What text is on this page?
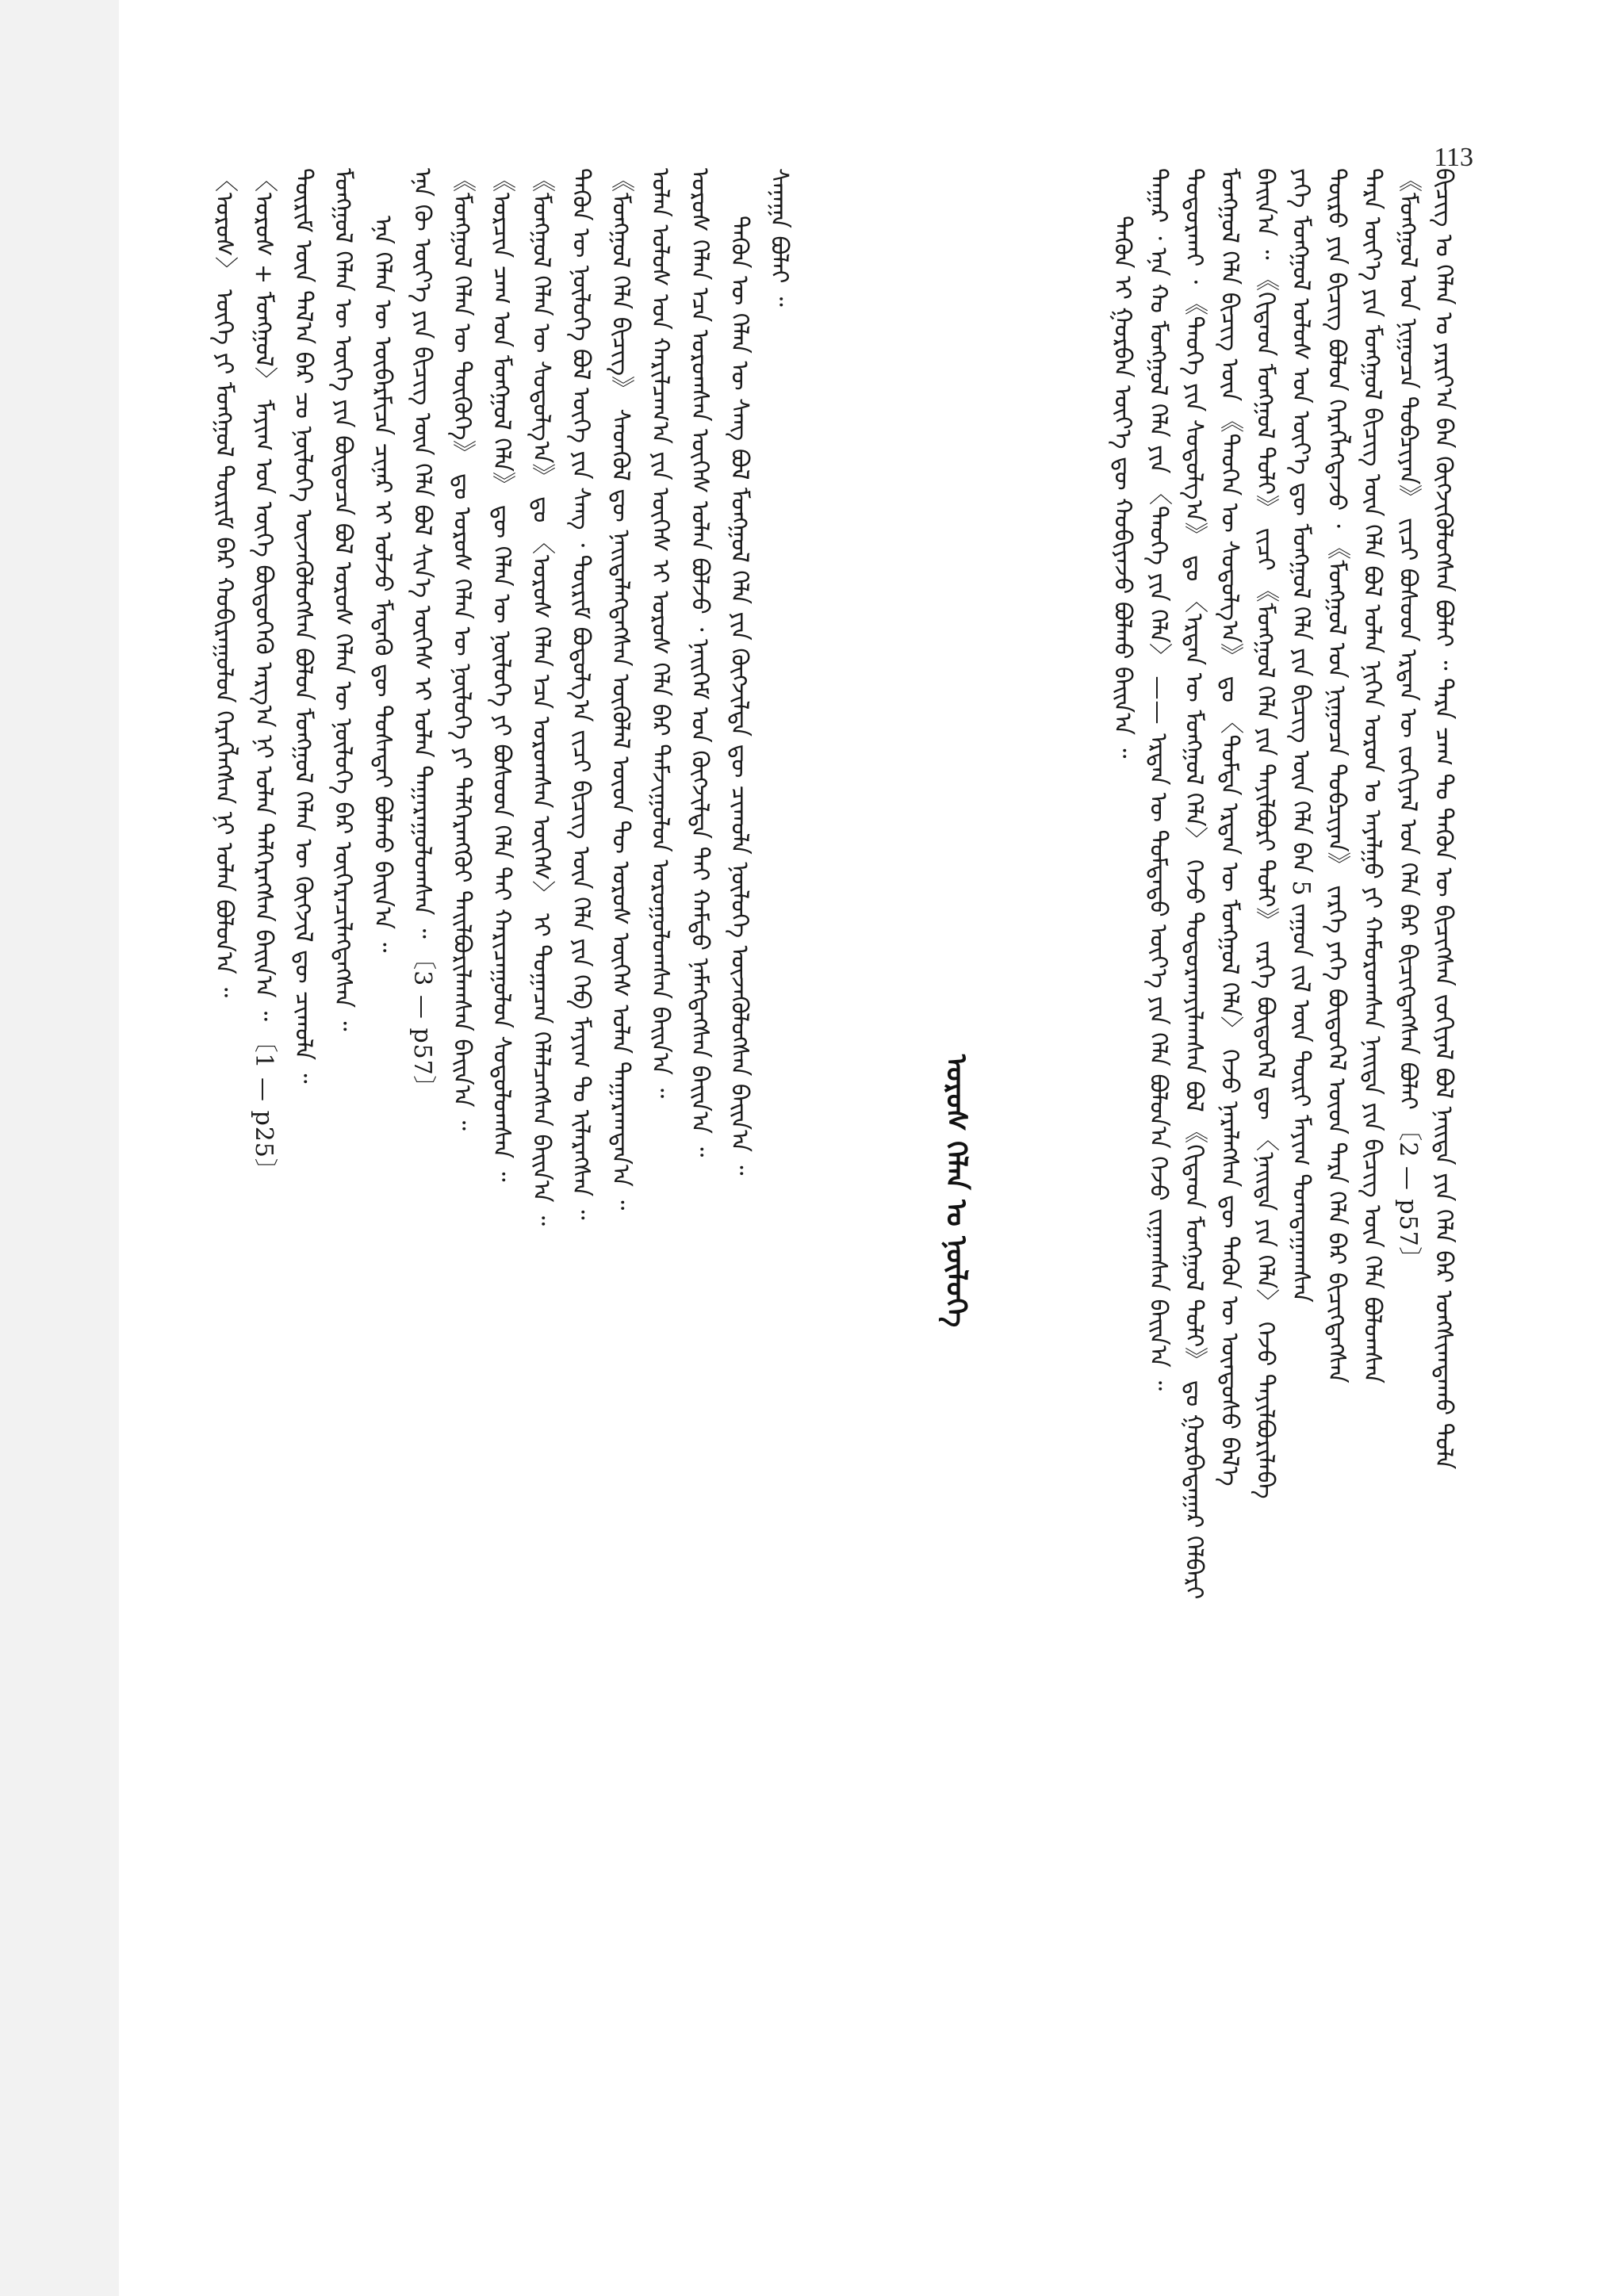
113
ᠪᠢᠴᠢᠭ ᠤ ᠬᠡᠯᠡᠨ ᠤ ᠶᠠᠷᠢᠶ᠎ᠠ ᠪᠠᠨ ᠬᠥᠭᠵᠢᠭᠦᠯᠦᠭᠰᠡᠨ ᠪᠣᠯᠠᠢ ᠃ ᠲᠡᠷᠡ ᠴᠠᠭ ᠲᠤ ᠲᠡᠭᠦᠨ ᠦ ᠪᠢᠴᠢᠭᠰᠡᠨ ᠵᠣᠬᠢᠶᠠᠯ ᠪᠣᠯ ᠨᠡᠢᠲᠡ ᠶᠢᠨ ᠬᠡᠯᠡ ᠪᠠᠷ ᠤᠩᠰᠢᠭᠳᠠᠬᠤ ᠲᠤᠯᠠ
《ᠮᠣᠩᠭᠣᠯ ᠤᠨ ᠨᠢᠭᠤᠴᠠ ᠲᠣᠪᠴᠢᠶᠠᠨ》 ᠵᠢᠴᠢ ᠪᠤᠰᠤᠳ ᠡᠷᠲᠡᠨ ᠦ ᠵᠣᠬᠢᠶᠠᠯ ᠤᠨ ᠬᠡᠯᠡ ᠪᠡᠷ ᠪᠢᠴᠢᠭᠳᠡᠭᠰᠡᠨ ᠪᠣᠯᠠᠢ 〔2 — p57〕
ᠲᠡᠷᠡ ᠦᠶ᠎ᠡ ᠶᠢᠨ ᠮᠣᠩᠭᠣᠯ ᠪᠢᠴᠢᠭ ᠦᠨ ᠬᠡᠯᠡ ᠪᠣᠯ ᠣᠯᠠᠨ ᠨᠢᠭᠡᠨ ᠣᠷᠣᠨ ᠤ ᠠᠶᠠᠯᠭᠤ ᠶᠢ ᠬᠠᠮᠤᠷᠤᠭᠰᠠᠨ ᠨᠡᠢᠲᠡ ᠶᠢᠨ ᠪᠢᠴᠢᠭ ᠦᠨ ᠬᠡᠯᠡ ᠪᠣᠯᠤᠭᠰᠠᠨ
ᠲᠥᠷᠦ ᠶᠢᠨ ᠪᠢᠴᠢᠭ ᠪᠣᠯᠣᠨ ᠬᠡᠷᠡᠭᠯᠡᠭᠳᠡᠵᠦ ᠂ 《ᠮᠣᠩᠭᠣᠯ ᠤᠨ ᠨᠢᠭᠤᠴᠠ ᠲᠣᠪᠴᠢᠶᠠᠨ》 ᠵᠡᠷᠭᠡ ᠶᠡᠬᠡ ᠪᠦᠲᠦᠭᠡᠯ ᠦᠳ ᠲᠡᠷᠡ ᠬᠡᠯᠡ ᠪᠡᠷ ᠪᠢᠴᠢᠭᠳᠡᠭᠰᠡᠨ
ᠶᠡᠬᠡ ᠮᠣᠩᠭᠣᠯ ᠤᠯᠤᠰ ᠤᠨ ᠦᠶ᠎ᠡ ᠳᠦ ᠮᠣᠩᠭᠣᠯ ᠬᠡᠯᠡ ᠶᠢᠨ ᠪᠢᠴᠢᠭ ᠦᠨ ᠬᠡᠯᠡ ᠪᠠᠨ 5 ᠵᠠᠭᠤᠨ ᠵᠢᠯ ᠦᠨ ᠳᠦᠷᠢ ᠮᠠᠶᠢᠭ ᠲᠣᠭᠲᠠᠭᠠᠭᠰᠠᠨ
ᠪᠠᠢᠨ᠎ᠠ ᠃ 《ᠬᠢᠲᠠᠳ ᠮᠣᠩᠭᠣᠯ ᠲᠣᠯᠢ》 ᠵᠢᠴᠢ 《ᠮᠣᠩᠭᠣᠯ ᠬᠡᠯᠡ ᠶᠢᠨ ᠲᠠᠶᠢᠯᠪᠣᠷᠢ ᠲᠣᠯᠢ》 ᠵᠡᠷᠭᠡ ᠪᠦᠲᠦᠭᠡᠯ ᠳᠦ 〈ᠨᠡᠢᠲᠡ ᠶᠢᠨ ᠬᠡᠯᠡ〉 ᠭᠡᠵᠦ ᠲᠠᠶᠢᠯᠪᠣᠷᠢᠯᠠᠪᠠ
ᠮᠣᠩᠭᠣᠯ ᠬᠡᠯᠡ ᠪᠢᠴᠢᠭ ᠦᠨ 《ᠲᠡᠦᠬᠡᠨ ᠦ ᠰᠤᠳᠤᠯᠭ᠎ᠠ》 ᠳᠤ 〈ᠳᠤᠮᠳᠠ ᠡᠷᠲᠡᠨ ᠦ ᠮᠣᠩᠭᠣᠯ ᠬᠡᠯᠡ〉 ᠭᠡᠵᠦ ᠨᠡᠷᠡᠯᠡᠭᠰᠡᠨ ᠳᠦ ᠲᠡᠭᠦᠨ ᠦ ᠦᠨᠳᠦᠰᠦ ᠪᠡᠯ᠎ᠡ
ᠲᠣᠳᠣᠷᠬᠠᠶ ᠂ 《ᠲᠡᠦᠬᠡ ᠶᠢᠨ ᠰᠤᠳᠤᠯᠭ᠎ᠠ》 ᠳᠤ 〈ᠡᠷᠲᠡᠨ ᠦ ᠮᠣᠩᠭᠣᠯ ᠬᠡᠯᠡ〉 ᠭᠡᠵᠦ ᠲᠣᠳᠣᠷᠬᠠᠶᠢᠯᠠᠭᠰᠠᠨ ᠪᠣᠯ 《ᠬᠢᠲᠠᠳ ᠮᠣᠩᠭᠣᠯ ᠲᠣᠯᠢ》 ᠳᠤ ᠭᠤᠷᠪᠠᠳᠠᠭᠠᠷ ᠬᠡᠯᠪᠡᠷᠢ
ᠳᠠᠭᠠᠷ ᠂ ᠡᠨᠡ ᠬᠤ ᠮᠣᠩᠭᠣᠯ ᠬᠡᠯᠡ ᠶᠢᠨ 〈ᠲᠡᠦᠬᠡ ᠶᠢᠨ ᠬᠡᠯᠡ〉 —— ᠡᠷᠲᠡᠨ ᠦ ᠳᠤᠮᠳᠠᠳᠤ ᠦᠶ᠎ᠡ ᠶᠢᠨ ᠬᠡᠯᠡ ᠪᠣᠯᠤᠨ᠎ᠠ ᠭᠡᠵᠦ ᠵᠢᠭᠠᠭᠰᠠᠨ ᠪᠠᠢᠨ᠎ᠠ ᠃
ᠲᠡᠭᠦᠨ ᠢ ᠭᠤᠷᠪᠠᠨ ᠦᠶ᠎ᠡ ᠳᠦ ᠬᠤᠪᠢᠶᠠᠵᠤ ᠪᠣᠯᠬᠤ ᠪᠠᠢᠨ᠎ᠠ ᠃
ᠣᠷᠤᠰ ᠬᠡᠯᠡᠨ ᠤ ᠨᠥᠯᠦᠭᠡ
ᠰᠠᠨᠠᠭᠠ ᠪᠣᠯᠠᠢ ᠃
ᠲᠡᠭᠦᠨ ᠦ ᠬᠡᠯᠡᠨ ᠦ ᠰᠠᠩ ᠪᠣᠯ ᠮᠣᠩᠭᠣᠯ ᠬᠡᠯᠡ ᠶᠢᠨ ᠬᠥᠭᠵᠢᠯᠲᠡ ᠳᠦ ᠴᠢᠬᠤᠯᠠ ᠨᠥᠯᠦᠭᠡ ᠦᠵᠡᠭᠦᠯᠦᠭᠰᠡᠨ ᠪᠠᠢᠨ᠎ᠠ ᠃
ᠣᠷᠤᠰ ᠬᠡᠯᠡᠨ ᠡᠴᠡ ᠣᠷᠣᠭᠰᠠᠨ ᠦᠭᠡᠰ ᠣᠯᠠᠨ ᠪᠣᠯᠵᠤ ᠂ ᠨᠡᠢᠭᠡᠮ ᠤᠨ ᠬᠥᠭᠵᠢᠯᠲᠡ ᠲᠡᠢ ᠬᠠᠮᠲᠤ ᠨᠡᠮᠡᠭᠳᠡᠭᠰᠡᠨ ᠪᠠᠢᠨ᠎ᠠ ᠃
ᠣᠯᠠᠨ ᠤᠯᠤᠰ ᠤᠨ ᠬᠠᠷᠢᠯᠴᠠᠭ᠎ᠠ ᠶᠢᠨ ᠦᠭᠡᠰ ᠢ ᠣᠷᠤᠰ ᠬᠡᠯᠡ ᠪᠡᠷ ᠳᠠᠮᠵᠢᠭᠤᠯᠤᠨ ᠣᠷᠣᠭᠤᠯᠤᠭᠰᠠᠨ ᠪᠠᠢᠨ᠎ᠠ ᠃
《ᠮᠣᠩᠭᠣᠯ ᠬᠡᠯᠡ ᠪᠢᠴᠢᠭ》 ᠰᠡᠳᠬᠦᠯ ᠳᠦ ᠨᠡᠢᠲᠡᠯᠡᠭᠳᠡᠭᠰᠡᠨ ᠥᠭᠦᠯᠡᠯ ᠦᠳ ᠲᠦ ᠣᠷᠤᠰ ᠦᠭᠡᠰ ᠣᠯᠠᠨ ᠲᠠᠭᠠᠷᠠᠭᠳᠠᠨ᠎ᠠ ᠃
ᠲᠡᠭᠦᠨ ᠦ ᠨᠥᠯᠦᠭᠡ ᠪᠣᠯ ᠦᠭᠡ ᠶᠢᠨ ᠰᠠᠩ ᠂ ᠳᠦᠷᠢᠮ ᠪᠣᠳᠤᠯᠭ᠎ᠠ ᠵᠢᠴᠢ ᠪᠢᠴᠢᠭ ᠦᠨ ᠬᠡᠯᠡ ᠶᠢᠨ ᠬᠡᠪ ᠮᠠᠶᠢᠭ ᠲᠤ ᠢᠯᠡᠷᠡᠭᠰᠡᠨ ᠃
《ᠮᠣᠩᠭᠣᠯ ᠬᠡᠯᠡᠨ ᠦ ᠰᠤᠳᠤᠯᠭ᠎ᠠ》 ᠳᠤ 〈ᠣᠷᠤᠰ ᠬᠡᠯᠡᠨ ᠡᠴᠡ ᠣᠷᠣᠭᠰᠠᠨ ᠦᠭᠡᠰ〉 ᠢ ᠲᠣᠭᠠᠴᠠᠨ ᠬᠡᠯᠡᠯᠴᠡᠭᠰᠡᠨ ᠪᠠᠢᠨ᠎ᠠ ᠃
《ᠣᠷᠴᠢᠨ ᠴᠠᠭ ᠤᠨ ᠮᠣᠩᠭᠣᠯ ᠬᠡᠯᠡ》 ᠳᠦ ᠬᠡᠯᠡᠨ ᠦ ᠨᠥᠯᠦᠭᠡ ᠶᠢ ᠪᠤᠰᠤᠳ ᠬᠡᠯᠡ ᠲᠡᠢ ᠬᠠᠷᠢᠴᠠᠭᠤᠯᠤᠨ ᠰᠤᠳᠤᠯᠤᠭᠰᠠᠨ ᠃
《ᠮᠣᠩᠭᠣᠯ ᠬᠡᠯᠡᠨ ᠦ ᠲᠦᠭᠦᠬᠡ》 ᠳᠤ ᠣᠷᠤᠰ ᠬᠡᠯᠡᠨ ᠦ ᠨᠥᠯᠦᠭᠡ ᠶᠢ ᠳᠡᠯᠭᠡᠷᠡᠩᠭᠦᠢ ᠲᠠᠢᠯᠪᠤᠷᠢᠯᠠᠭᠰᠠᠨ ᠪᠠᠢᠨ᠎ᠠ ᠃
ᠡᠨᠡ ᠬᠦ ᠦᠶ᠎ᠡ ᠶᠢᠨ ᠪᠢᠴᠢᠭ ᠦᠨ ᠬᠡᠯᠡ ᠪᠣᠯ ᠰᠢᠨ᠎ᠡ ᠦᠭᠡᠰ ᠢ ᠣᠯᠠᠨ ᠲᠠᠭᠠᠷᠠᠭᠤᠯᠤᠭᠰᠠᠨ ᠃ 〔3 — p57〕
ᠡᠨᠡ ᠬᠡᠯᠡᠨ ᠦ ᠥᠪᠡᠷᠮᠢᠴᠡ ᠴᠢᠨᠠᠷ ᠢ ᠣᠯᠵᠤ ᠮᠡᠳᠡᠬᠦ ᠳᠦ ᠲᠤᠰᠠᠲᠠᠢ ᠪᠣᠯᠬᠤ ᠪᠠᠢᠨ᠎ᠠ ᠃
ᠮᠣᠩᠭᠣᠯ ᠬᠡᠯᠡᠨ ᠦ ᠦᠭᠡ ᠶᠢᠨ ᠪᠦᠲᠦᠴᠡ ᠪᠣᠯ ᠣᠷᠤᠰ ᠬᠡᠯᠡᠨ ᠦ ᠨᠥᠯᠦᠭᠡ ᠪᠡᠷ ᠥᠭᠡᠷᠡᠴᠢᠯᠡᠭᠳᠡᠭᠰᠡᠨ ᠃
ᠳᠦᠷᠢᠮ ᠦᠨ ᠲᠠᠯ᠎ᠠ ᠪᠠᠷ ᠴᠣ ᠨᠥᠯᠦᠭᠡ ᠦᠵᠡᠭᠦᠯᠦᠭᠰᠡᠨ ᠪᠣᠯᠤᠨ ᠮᠣᠩᠭᠣᠯ ᠬᠡᠯᠡᠨ ᠦ ᠬᠥᠭᠵᠢᠯ ᠳᠦ ᠴᠢᠬᠤᠯᠠ ᠃
〈ᠣᠷᠤᠰ + ᠮᠣᠩᠭᠣᠯ〉 ᠮᠠᠶᠢᠭ ᠤᠨ ᠦᠭᠡ ᠪᠦᠲᠦᠭᠡᠬᠦ ᠠᠷᠭ᠎ᠠ ᠨᠢ ᠣᠯᠠᠨ ᠳᠡᠯᠭᠡᠷᠡᠭᠰᠡᠨ ᠪᠠᠢᠨ᠎ᠠ ᠃ 〔1 — p25〕
〈ᠣᠷᠤᠰ〉 ᠦᠭᠡ ᠶᠢ ᠮᠣᠩᠭᠣᠯ ᠳᠦᠷᠢᠮ ᠪᠡᠷ ᠬᠤᠪᠢᠷᠠᠭᠤᠯᠤᠨ ᠬᠡᠷᠡᠭᠯᠡᠭᠰᠡᠨ ᠨᠢ ᠣᠯᠠᠨ ᠪᠣᠯᠤᠨ᠎ᠠ ᠃
